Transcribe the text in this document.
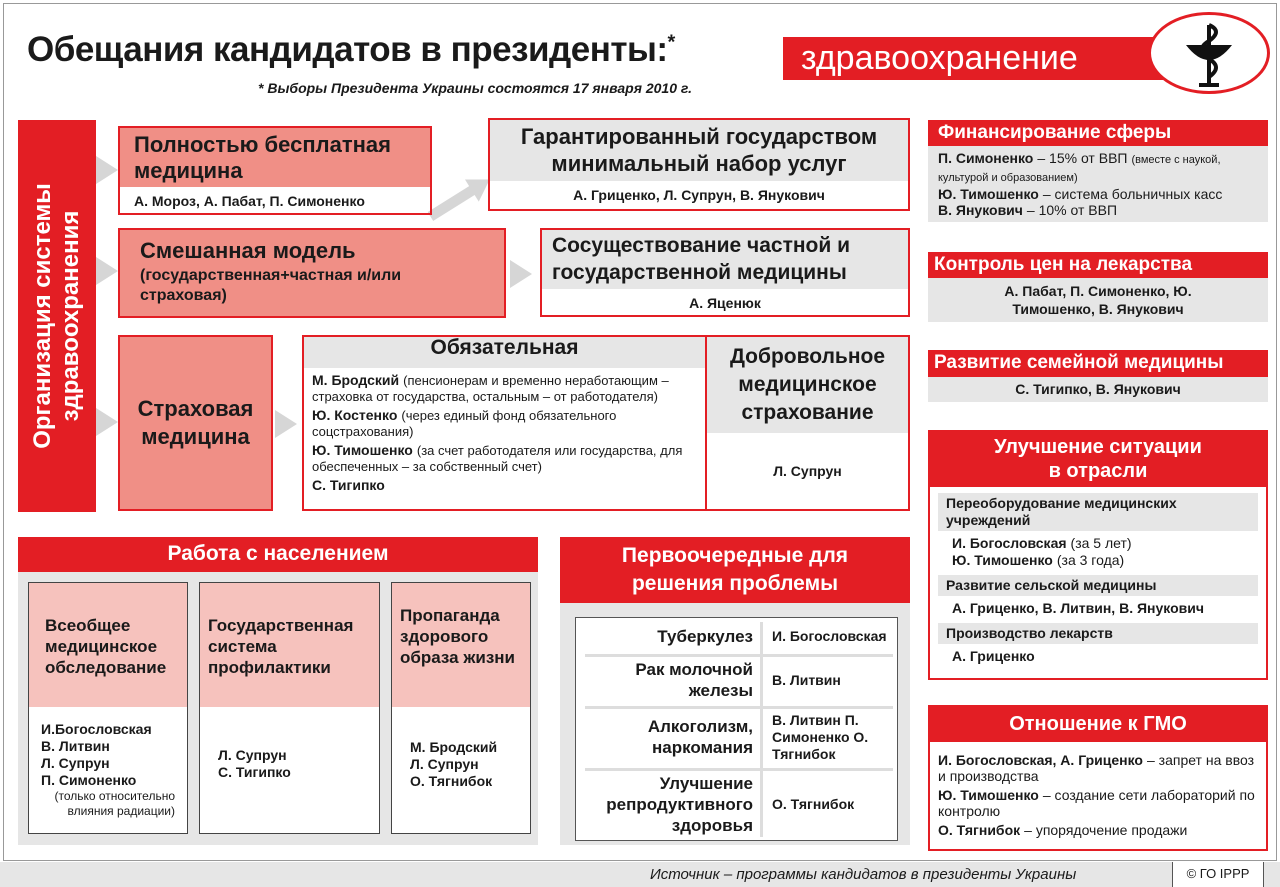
Обещания кандидатов в президенты:*	здравоохранение
* Выборы Президента Украины состоятся 17 января 2010 г.
Организация системы здравоохранения
Полностью бесплатная медицина
А. Мороз, А. Пабат, П. Симоненко
Гарантированный государством минимальный набор услуг
А. Гриценко, Л. Супрун, В. Янукович
Смешанная модель
(государственная+частная и/или страховая)
Сосуществование частной и государственной медицины
А. Яценюк
Страховая медицина
Обязательная
М. Бродский (пенсионерам и временно неработающим – страховка от государства, остальным – от работодателя)
Ю. Костенко (через единый фонд обязательного соцстрахования)
Ю. Тимошенко (за счет работодателя или государства, для обеспеченных – за собственный счет)
С. Тигипко
Добровольное медицинское страхование
Л. Супрун
Финансирование сферы
П. Симоненко – 15% от ВВП (вместе с наукой, культурой и образованием)
Ю. Тимошенко – система больничных касс
В. Янукович – 10% от ВВП
Контроль цен на лекарства
А. Пабат, П. Симоненко, Ю. Тимошенко, В. Янукович
Развитие семейной медицины
С. Тигипко, В. Янукович
Улучшение ситуации в отрасли
Переоборудование медицинских учреждений
И. Богословская (за 5 лет)
Ю. Тимошенко (за 3 года)
Развитие сельской медицины
А. Гриценко, В. Литвин, В. Янукович
Производство лекарств
А. Гриценко
Отношение к ГМО
И. Богословская, А. Гриценко – запрет на ввоз и производства
Ю. Тимошенко – создание сети лабораторий по контролю
О. Тягнибок – упорядочение продажи
Работа с населением
Всеобщее медицинское обследование
И.Богословская
В. Литвин
Л. Супрун
П. Симоненко
(только относительно влияния радиации)
Государственная система профилактики
Л. Супрун
С. Тигипко
Пропаганда здорового образа жизни
М. Бродский
Л. Супрун
О. Тягнибок
Первоочередные для решения проблемы
Туберкулез И. Богословская
Рак молочной железы
В. Литвин
Алкоголизм, наркомания
В. Литвин П. Симоненко О. Тягнибок
Улучшение репродуктивного здоровья
О. Тягнибок
Источник – программы кандидатов в президенты Украины	© ГО IPPP
